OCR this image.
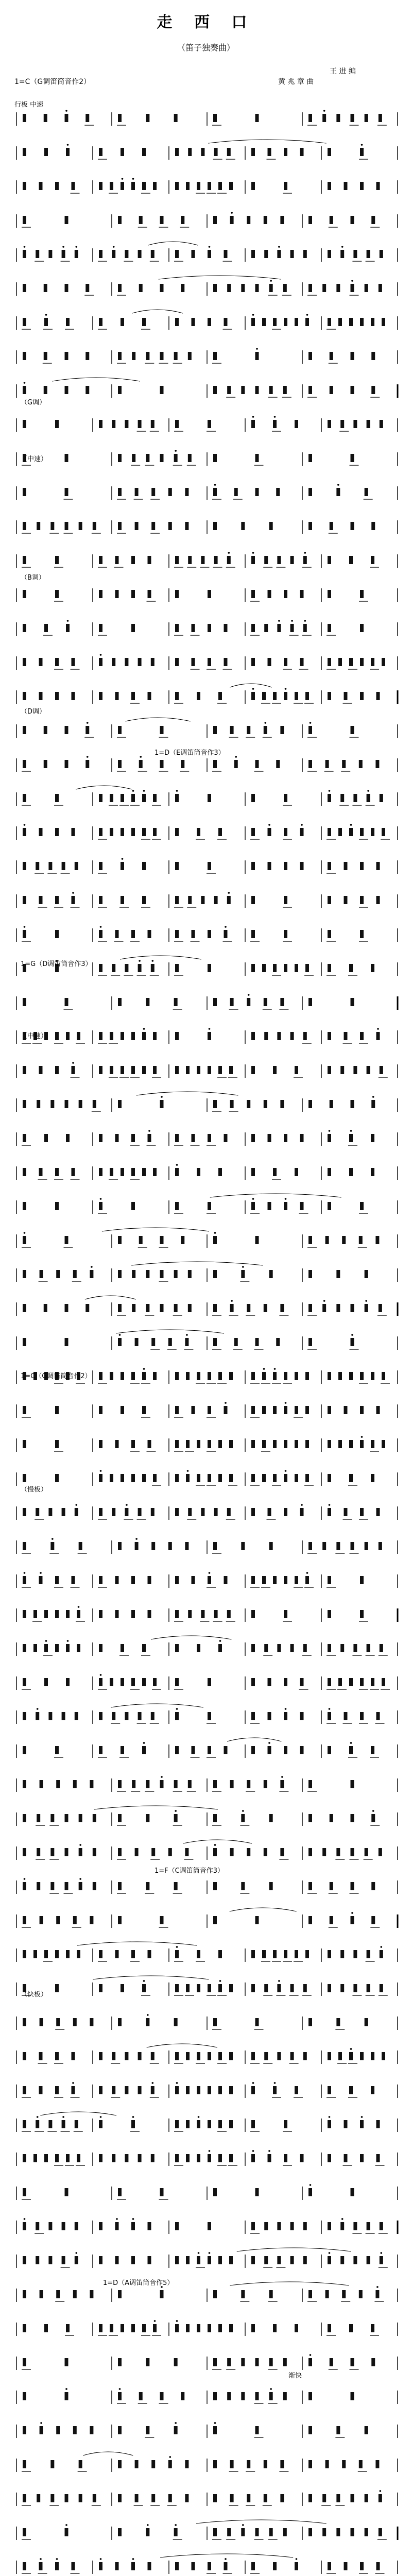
走 西 口
（笛子独奏曲）
王 进 编
1=C（G调笛筒音作2）	黄 兆 章 曲
行板 中速
（G调）
（中速）
（B调）
（D调）
1=D（E调笛筒音作3）
1=G（D调笛筒音作3）
（中速）
1=C（G调笛筒音作2）
（慢板）
1=F（C调笛筒音作3）
（快板）
1=D（A调笛筒音作5）
渐快
